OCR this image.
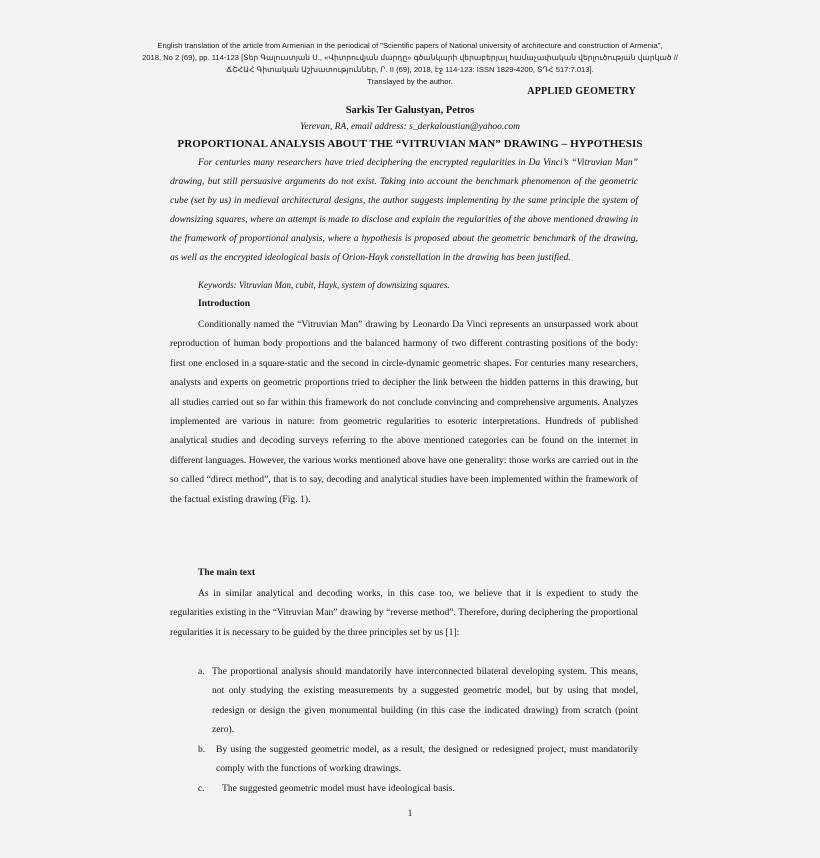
English translation of the article from Armenian in the periodical of "Scientific papers of National university of architecture and construction of Armenia",
2018, No 2 (69), pp. 114-123 [Տեր Գալուստյան Ս., «Վիտրուվյան մարդը» գծանկարի վերաբերյալ համաչափական վերլուծության վարկած //
ՃՇՀԱՀ Գիտական Աշխատություններ, Ր. II (69), 2018, էջ 114-123: ISSN 1829-4200, ՏԴՀ 517:7.013].
Translayed by the author.
APPLIED GEOMETRY
Sarkis Ter Galustyan, Petros
Yerevan, RA, email address: s_derkaloustian@yahoo.com
PROPORTIONAL ANALYSIS ABOUT THE “VITRUVIAN MAN” DRAWING – HYPOTHESIS

For centuries many researchers have tried deciphering the encrypted regularities in Da Vinci’s “Vitruvian Man” drawing, but still persuasive arguments do not exist. Taking into account the benchmark phenomenon of the geometric cube (set by us) in medieval architectural designs, the author suggests implementing by the same principle the system of downsizing squares, where an attempt is made to disclose and explain the regularities of the above mentioned drawing in the framework of proportional analysis, where a hypothesis is proposed about the geometric benchmark of the drawing, as well as the encrypted ideological basis of Orion-Hayk constellation in the drawing has been justified.

Keywords: Vitruvian Man, cubit, Hayk, system of downsizing squares.
Introduction

Conditionally named the “Vitruvian Man” drawing by Leonardo Da Vinci represents an unsurpassed work about reproduction of human body proportions and the balanced harmony of two different contrasting positions of the body: first one enclosed in a square-static and the second in circle-dynamic geometric shapes. For centuries many researchers, analysts and experts on geometric proportions tried to decipher the link between the hidden patterns in this drawing, but all studies carried out so far within this framework do not conclude convincing and comprehensive arguments. Analyzes implemented are various in nature: from geometric regularities to esoteric interpretations. Hundreds of published analytical studies and decoding surveys referring to the above mentioned categories can be found on the internet in different languages. However, the various works mentioned above have one generality: those works are carried out in the so called “direct method”, that is to say, decoding and analytical studies have been implemented within the framework of the factual existing drawing (Fig. 1).

The main text

As in similar analytical and decoding works, in this case too, we believe that it is expedient to study the regularities existing in the “Vitruvian Man” drawing by “reverse method”. Therefore, during deciphering the proportional regularities it is necessary to be guided by the three principles set by us [1]:

a. The proportional analysis should mandatorily have interconnected bilateral developing system. This means, not only studying the existing measurements by a suggested geometric model, but by using that model, redesign or design the given monumental building (in this case the indicated drawing) from scratch (point zero).
b.	By using the suggested geometric model, as a result, the designed or redesigned project, must mandatorily comply with the functions of working drawings.
c.	The suggested geometric model must have ideological basis.
1
